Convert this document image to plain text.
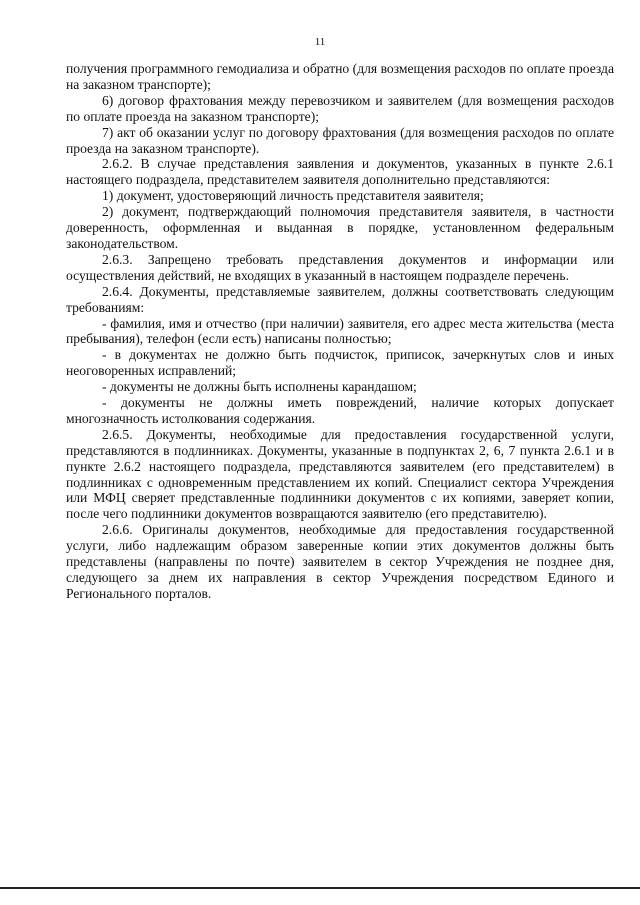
11

получения программного гемодиализа и обратно (для возмещения расходов по оплате проезда на заказном транспорте);

6) договор фрахтования между перевозчиком и заявителем (для возмещения расходов по оплате проезда на заказном транспорте);

7) акт об оказании услуг по договору фрахтования (для возмещения расходов по оплате проезда на заказном транспорте).

2.6.2. В случае представления заявления и документов, указанных в пункте 2.6.1 настоящего подраздела, представителем заявителя дополнительно представляются:

1) документ, удостоверяющий личность представителя заявителя;

2) документ, подтверждающий полномочия представителя заявителя, в частности доверенность, оформленная и выданная в порядке, установленном федеральным законодательством.

2.6.3. Запрещено требовать представления документов и информации или осуществления действий, не входящих в указанный в настоящем подразделе перечень.

2.6.4. Документы, представляемые заявителем, должны соответствовать следующим требованиям:

- фамилия, имя и отчество (при наличии) заявителя, его адрес места жительства (места пребывания), телефон (если есть) написаны полностью;

- в документах не должно быть подчисток, приписок, зачеркнутых слов и иных неоговоренных исправлений;

- документы не должны быть исполнены карандашом;

- документы не должны иметь повреждений, наличие которых допускает многозначность истолкования содержания.

2.6.5. Документы, необходимые для предоставления государственной услуги, представляются в подлинниках. Документы, указанные в подпунктах 2, 6, 7 пункта 2.6.1 и в пункте 2.6.2 настоящего подраздела, представляются заявителем (его представителем) в подлинниках с одновременным представлением их копий. Специалист сектора Учреждения или МФЦ сверяет представленные подлинники документов с их копиями, заверяет копии, после чего подлинники документов возвращаются заявителю (его представителю).

2.6.6. Оригиналы документов, необходимые для предоставления государственной услуги, либо надлежащим образом заверенные копии этих документов должны быть представлены (направлены по почте) заявителем в сектор Учреждения не позднее дня, следующего за днем их направления в сектор Учреждения посредством Единого и Регионального порталов.
